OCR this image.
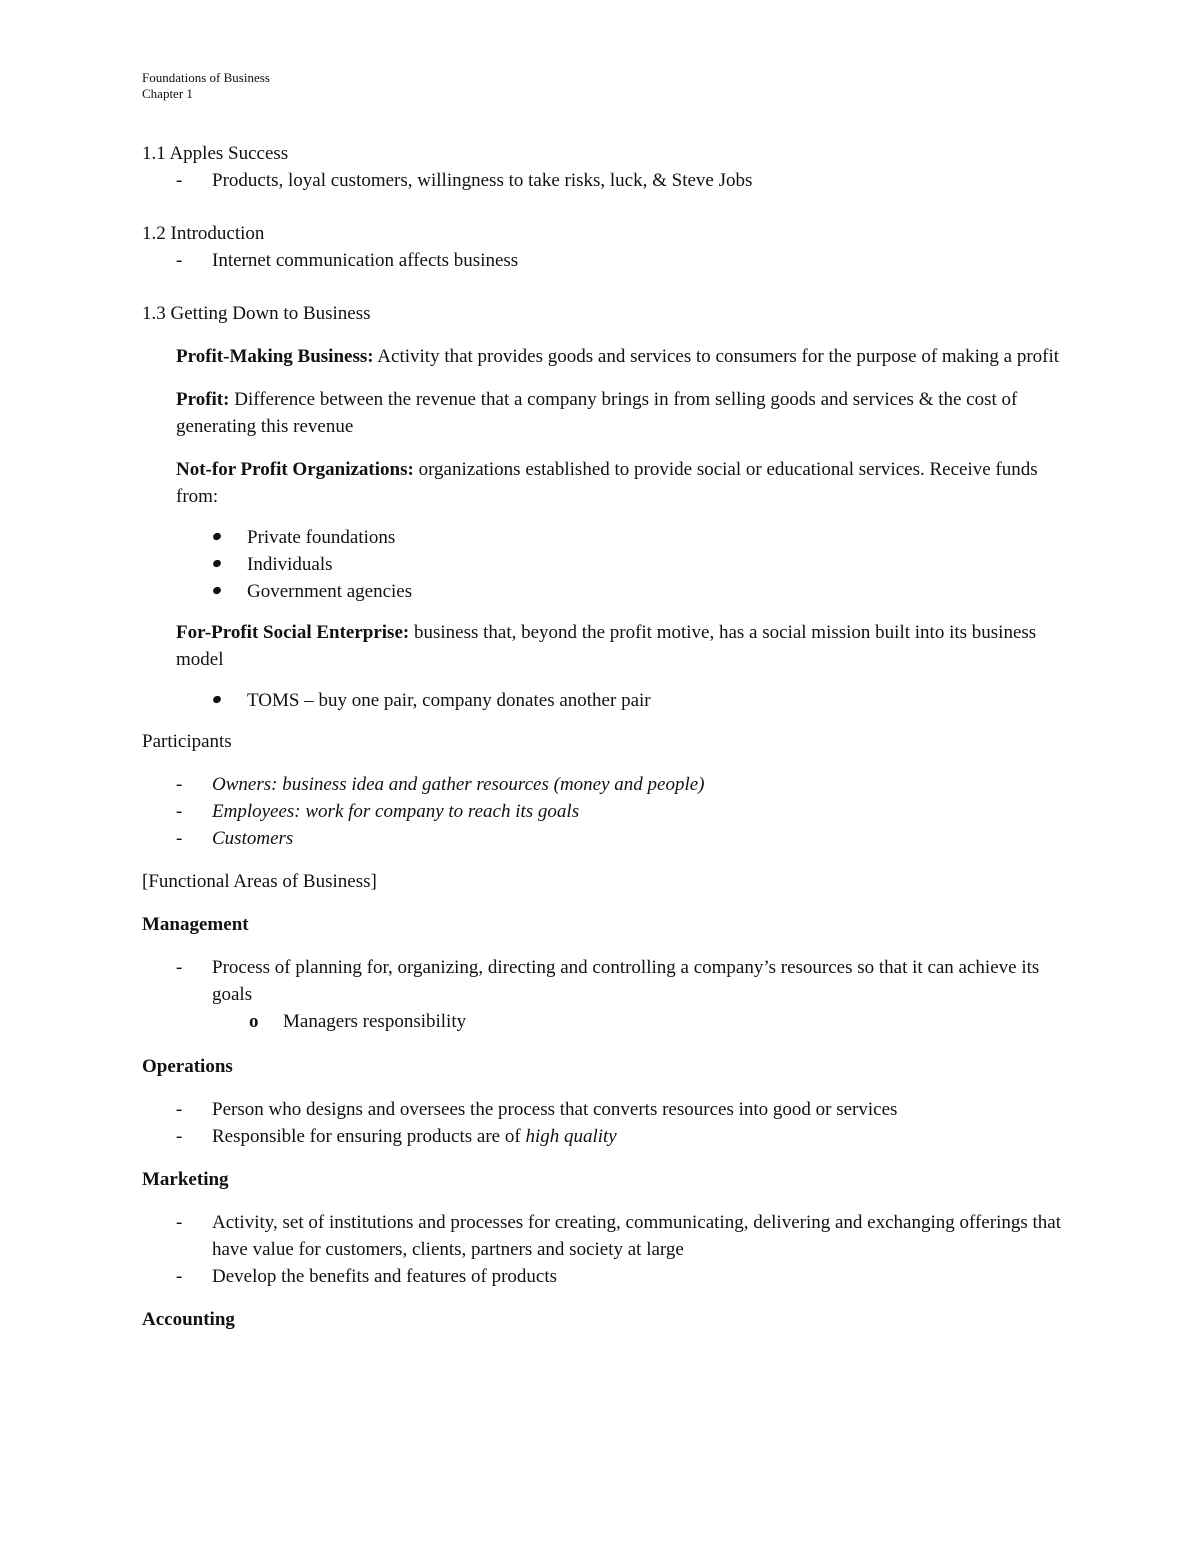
Foundations of Business
Chapter 1
1.1 Apples Success
- Products, loyal customers, willingness to take risks, luck, & Steve Jobs
1.2 Introduction
- Internet communication affects business
1.3 Getting Down to Business
Profit-Making Business: Activity that provides goods and services to consumers for the purpose of making a profit
Profit: Difference between the revenue that a company brings in from selling goods and services & the cost of generating this revenue
Not-for Profit Organizations: organizations established to provide social or educational services. Receive funds from:
Private foundations
Individuals
Government agencies
For-Profit Social Enterprise: business that, beyond the profit motive, has a social mission built into its business model
TOMS – buy one pair, company donates another pair
Participants
- Owners: business idea and gather resources (money and people)
- Employees: work for company to reach its goals
- Customers
[Functional Areas of Business]
Management
- Process of planning for, organizing, directing and controlling a company’s resources so that it can achieve its goals
o Managers responsibility
Operations
- Person who designs and oversees the process that converts resources into good or services
- Responsible for ensuring products are of high quality
Marketing
- Activity, set of institutions and processes for creating, communicating, delivering and exchanging offerings that have value for customers, clients, partners and society at large
- Develop the benefits and features of products
Accounting
